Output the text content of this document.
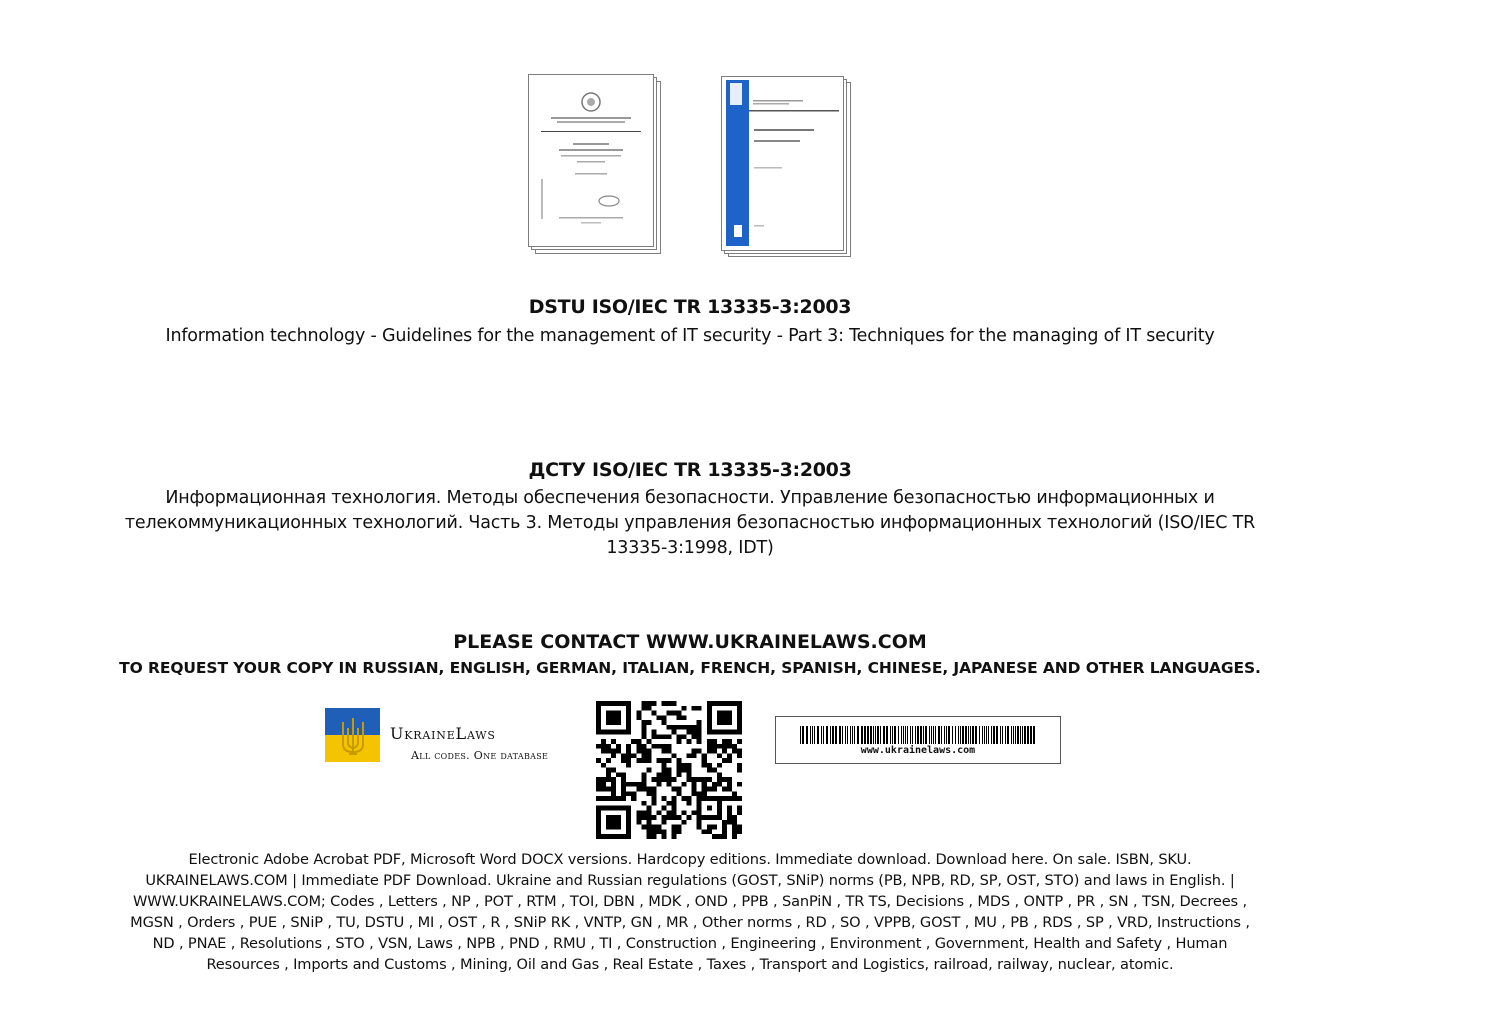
DSTU ISO/IEC TR 13335-3:2003
Information technology - Guidelines for the management of IT security - Part 3: Techniques for the managing of IT security
ДСТУ ISO/IEC TR 13335-3:2003
Информационная технология. Методы обеспечения безопасности. Управление безопасностью информационных и телекоммуникационных технологий. Часть 3. Методы управления безопасностью информационных технологий (ISO/IEC TR 13335-3:1998, IDT)
PLEASE CONTACT WWW.UKRAINELAWS.COM
TO REQUEST YOUR COPY IN RUSSIAN, ENGLISH, GERMAN, ITALIAN, FRENCH, SPANISH, CHINESE, JAPANESE AND OTHER LANGUAGES.
UkraineLaws
All codes. One database	www.ukrainelaws.com
Electronic Adobe Acrobat PDF, Microsoft Word DOCX versions. Hardcopy editions. Immediate download. Download here. On sale. ISBN, SKU. UKRAINELAWS.COM | Immediate PDF Download. Ukraine and Russian regulations (GOST, SNiP) norms (PB, NPB, RD, SP, OST, STO) and laws in English. | WWW.UKRAINELAWS.COM; Codes , Letters , NP , POT , RTM , TOI, DBN , MDK , OND , PPB , SanPiN , TR TS, Decisions , MDS , ONTP , PR , SN , TSN, Decrees , MGSN , Orders , PUE , SNiP , TU, DSTU , MI , OST , R , SNiP RK , VNTP, GN , MR , Other norms , RD , SO , VPPB, GOST , MU , PB , RDS , SP , VRD, Instructions , ND , PNAE , Resolutions , STO , VSN, Laws , NPB , PND , RMU , TI , Construction , Engineering , Environment , Government, Health and Safety , Human Resources , Imports and Customs , Mining, Oil and Gas , Real Estate , Taxes , Transport and Logistics, railroad, railway, nuclear, atomic.
